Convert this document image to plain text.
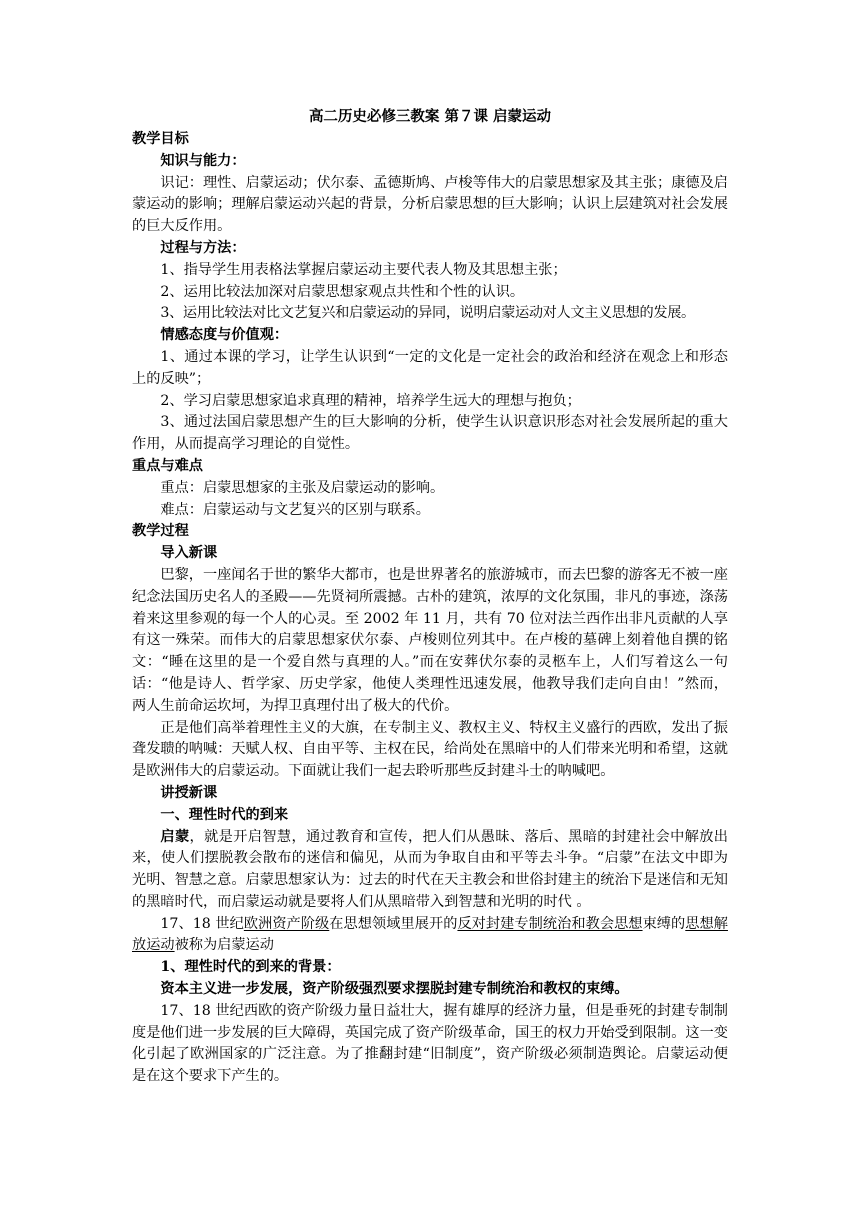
高二历史必修三教案 第７课 启蒙运动

教学目标

知识与能力：

识记：理性、启蒙运动；伏尔泰、孟德斯鸠、卢梭等伟大的启蒙思想家及其主张；康德及启蒙运动的影响；理解启蒙运动兴起的背景，分析启蒙思想的巨大影响；认识上层建筑对社会发展的巨大反作用。

过程与方法：

1、指导学生用表格法掌握启蒙运动主要代表人物及其思想主张；

2、运用比较法加深对启蒙思想家观点共性和个性的认识。

3、运用比较法对比文艺复兴和启蒙运动的异同，说明启蒙运动对人文主义思想的发展。

情感态度与价值观：

1、通过本课的学习，让学生认识到“一定的文化是一定社会的政治和经济在观念上和形态上的反映”；

2、学习启蒙思想家追求真理的精神，培养学生远大的理想与抱负；

3、通过法国启蒙思想产生的巨大影响的分析，使学生认识意识形态对社会发展所起的重大作用，从而提高学习理论的自觉性。

重点与难点

重点：启蒙思想家的主张及启蒙运动的影响。

难点：启蒙运动与文艺复兴的区别与联系。

教学过程

导入新课

巴黎，一座闻名于世的繁华大都市，也是世界著名的旅游城市，而去巴黎的游客无不被一座纪念法国历史名人的圣殿——先贤祠所震撼。古朴的建筑，浓厚的文化氛围，非凡的事迹，涤荡着来这里参观的每一个人的心灵。至 2002 年 11 月，共有 70 位对法兰西作出非凡贡献的人享有这一殊荣。而伟大的启蒙思想家伏尔泰、卢梭则位列其中。在卢梭的墓碑上刻着他自撰的铭文：“睡在这里的是一个爱自然与真理的人。”而在安葬伏尔泰的灵柩车上，人们写着这么一句话：“他是诗人、哲学家、历史学家，他使人类理性迅速发展，他教导我们走向自由！”然而，两人生前命运坎坷，为捍卫真理付出了极大的代价。

正是他们高举着理性主义的大旗，在专制主义、教权主义、特权主义盛行的西欧，发出了振聋发聩的呐喊：天赋人权、自由平等、主权在民，给尚处在黑暗中的人们带来光明和希望，这就是欧洲伟大的启蒙运动。下面就让我们一起去聆听那些反封建斗士的呐喊吧。

讲授新课

一、理性时代的到来

启蒙，就是开启智慧，通过教育和宣传，把人们从愚昧、落后、黑暗的封建社会中解放出来，使人们摆脱教会散布的迷信和偏见，从而为争取自由和平等去斗争。“启蒙”在法文中即为光明、智慧之意。启蒙思想家认为：过去的时代在天主教会和世俗封建主的统治下是迷信和无知的黑暗时代，而启蒙运动就是要将人们从黑暗带入到智慧和光明的时代 。

17、18 世纪欧洲资产阶级在思想领域里展开的反对封建专制统治和教会思想束缚的思想解放运动被称为启蒙运动

1、理性时代的到来的背景：

资本主义进一步发展，资产阶级强烈要求摆脱封建专制统治和教权的束缚。

17、18 世纪西欧的资产阶级力量日益壮大，握有雄厚的经济力量，但是垂死的封建专制制度是他们进一步发展的巨大障碍，英国完成了资产阶级革命，国王的权力开始受到限制。这一变化引起了欧洲国家的广泛注意。为了推翻封建“旧制度”，资产阶级必须制造舆论。启蒙运动便是在这个要求下产生的。
